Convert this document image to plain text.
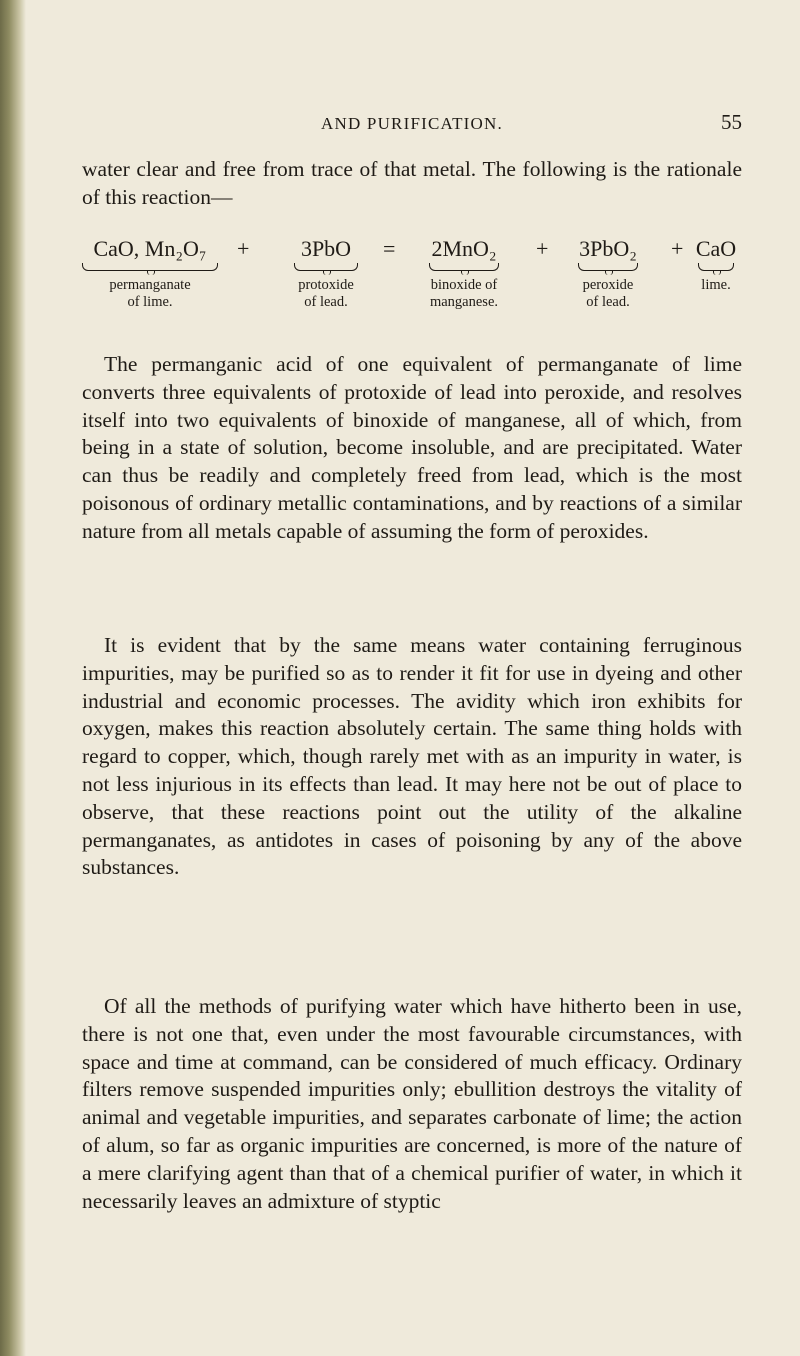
AND PURIFICATION.	55

water clear and free from trace of that metal. The following is the rationale of this reaction—

CaO, Mn₂O₇
permanganate
of lime.
+	3PbO
protoxide
of lead.
=	2MnO₂
binoxide of
manganese.
+	3PbO₂
peroxide
of lead.
+ CaO
lime.

The permanganic acid of one equivalent of permanganate of lime converts three equivalents of protoxide of lead into peroxide, and resolves itself into two equivalents of binoxide of manganese, all of which, from being in a state of solution, become insoluble, and are precipitated. Water can thus be readily and completely freed from lead, which is the most poisonous of ordinary metallic contaminations, and by reactions of a similar nature from all metals capable of assuming the form of peroxides.

It is evident that by the same means water containing ferruginous impurities, may be purified so as to render it fit for use in dyeing and other industrial and economic processes. The avidity which iron exhibits for oxygen, makes this reaction absolutely certain. The same thing holds with regard to copper, which, though rarely met with as an impurity in water, is not less injurious in its effects than lead. It may here not be out of place to observe, that these reactions point out the utility of the alkaline permanganates, as antidotes in cases of poisoning by any of the above substances.

Of all the methods of purifying water which have hitherto been in use, there is not one that, even under the most favourable circumstances, with space and time at command, can be considered of much efficacy. Ordinary filters remove suspended impurities only; ebullition destroys the vitality of animal and vegetable impurities, and separates carbonate of lime; the action of alum, so far as organic impurities are concerned, is more of the nature of a mere clarifying agent than that of a chemical purifier of water, in which it necessarily leaves an admixture of styptic
